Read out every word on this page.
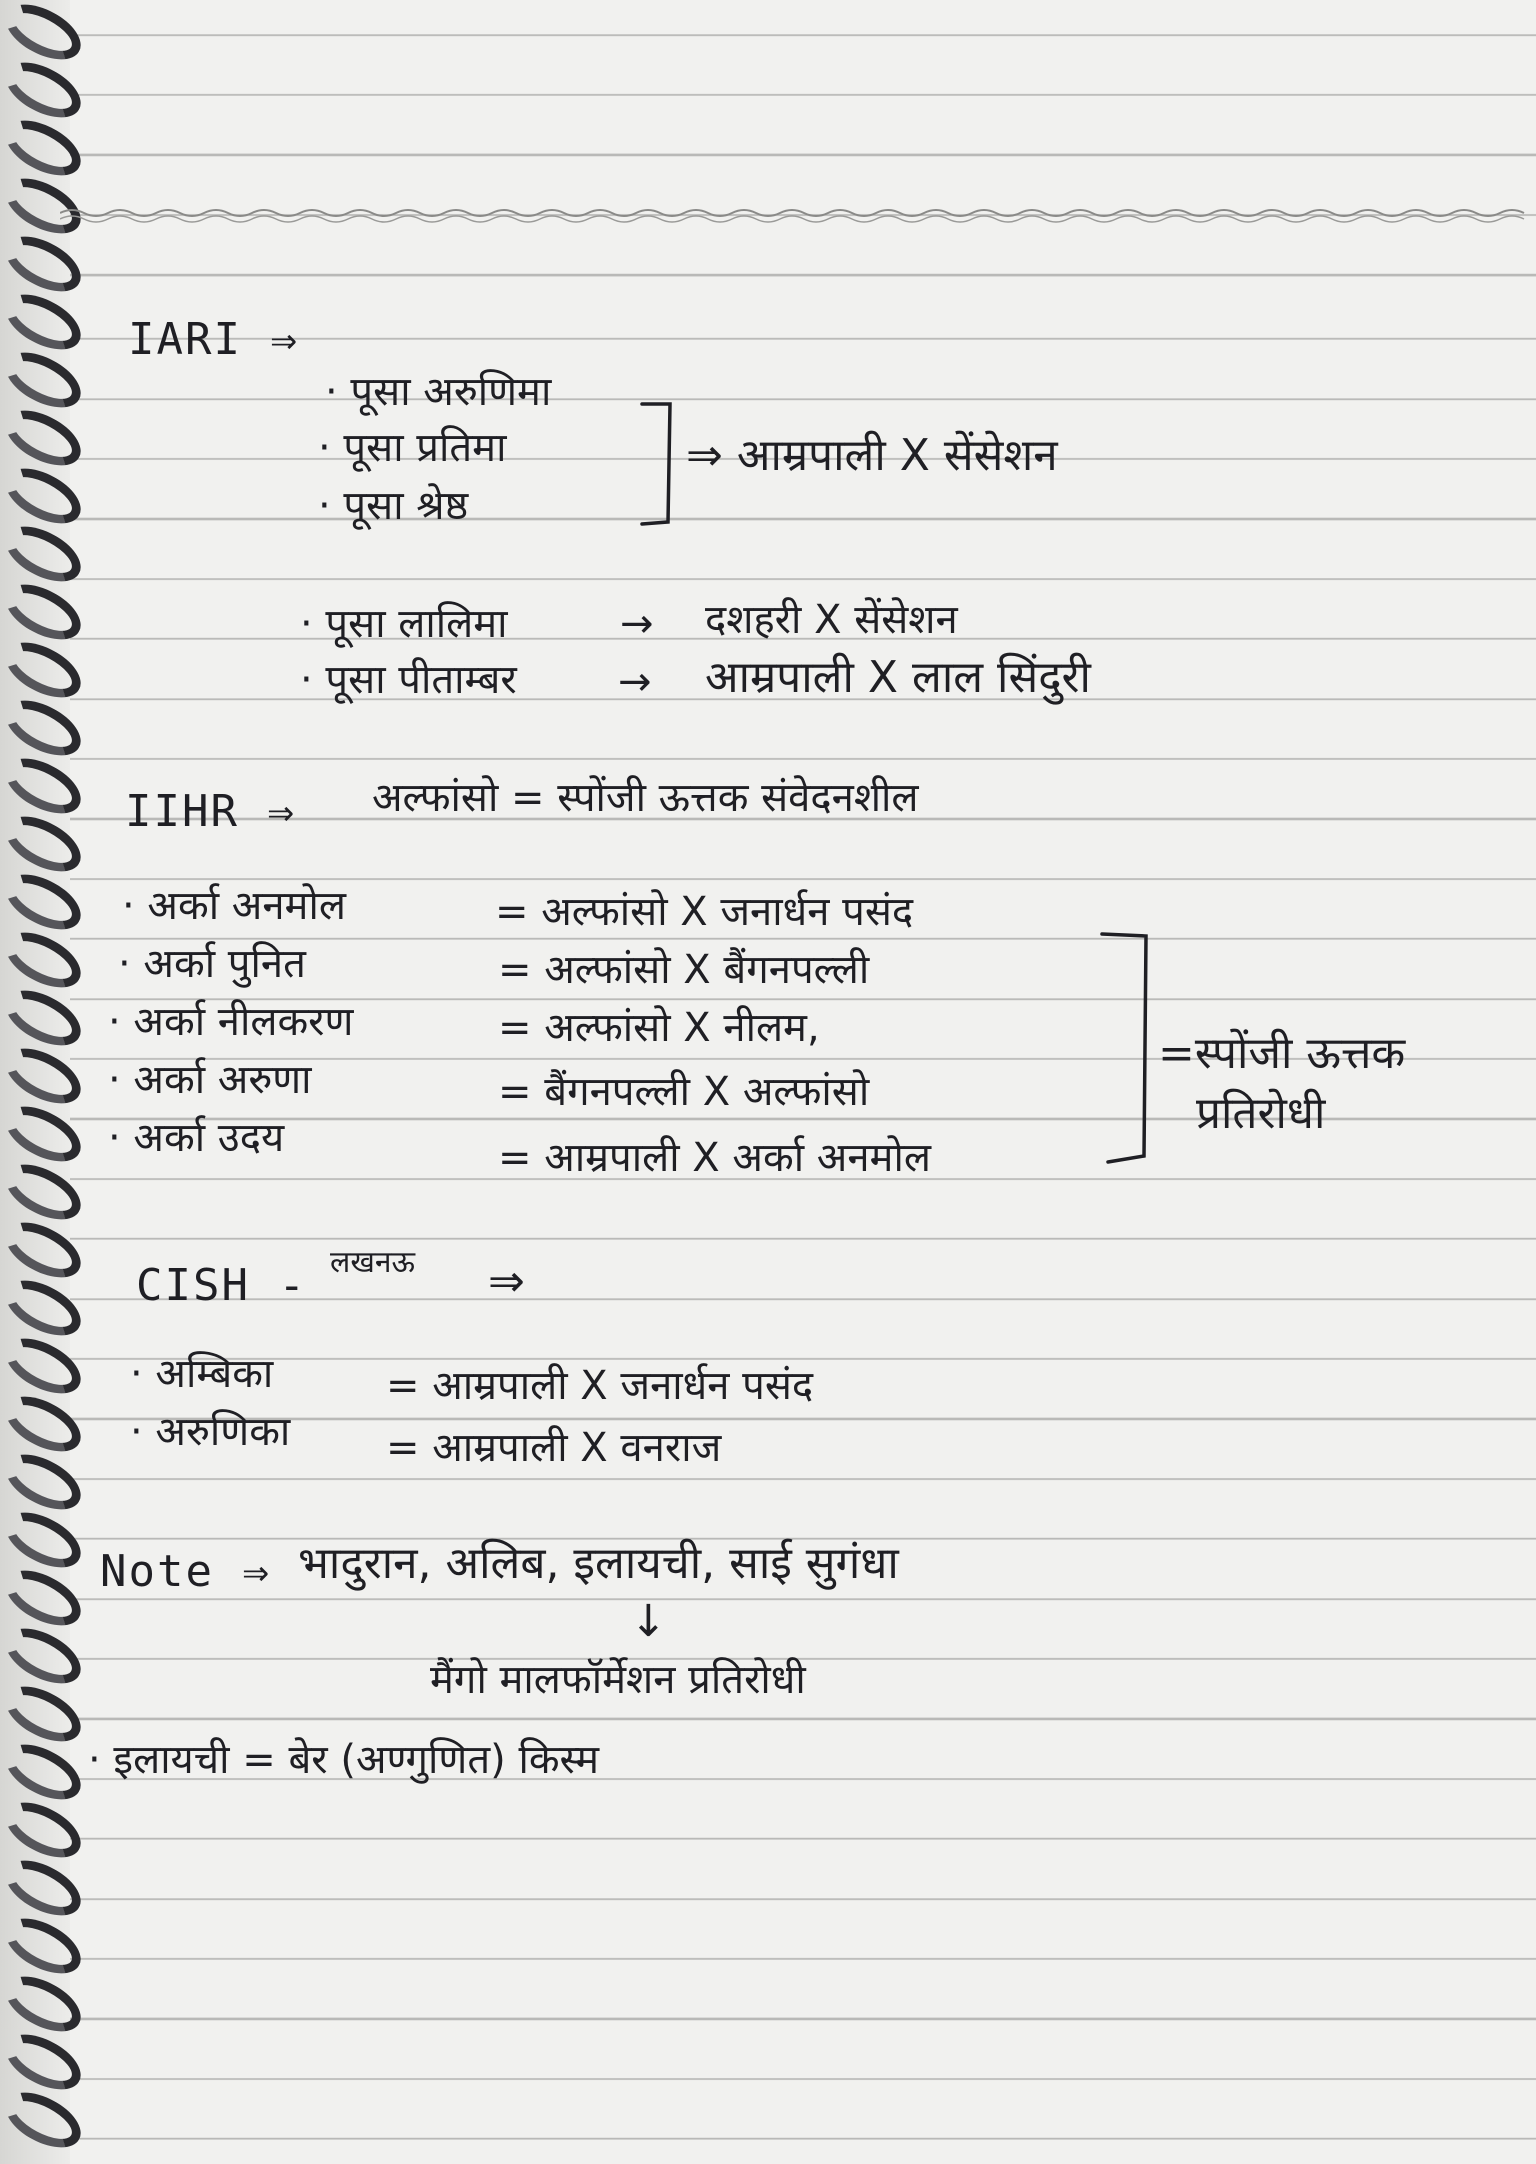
IARI ⇒
· पूसा अरुणिमा
· पूसा प्रतिमा
· पूसा श्रेष्ठ
⇒ आम्रपाली X सेंसेशन
· पूसा लालिमा	→ दशहरी X सेंसेशन
· पूसा पीताम्बर	→ आम्रपाली X लाल सिंदुरी
IIHR ⇒ अल्फांसो = स्पोंजी ऊत्तक संवेदनशील
· अर्का अनमोल	= अल्फांसो X जनार्धन पसंद
· अर्का पुनित	= अल्फांसो X बैंगनपल्ली
· अर्का नीलकरण	= अल्फांसो X नीलम,
· अर्का अरुणा	= बैंगनपल्ली X अल्फांसो
· अर्का उदय	= आम्रपाली X अर्का अनमोल
=स्पोंजी ऊत्तक
प्रतिरोधी
CISH - लखनऊ ⇒
· अम्बिका	= आम्रपाली X जनार्धन पसंद
· अरुणिका = आम्रपाली X वनराज
Note ⇒ भादुरान, अलिब, इलायची, साई सुगंधा
↓
मैंगो मालफॉर्मेशन प्रतिरोधी
· इलायची = बेर (अण्गुणित) किस्म
